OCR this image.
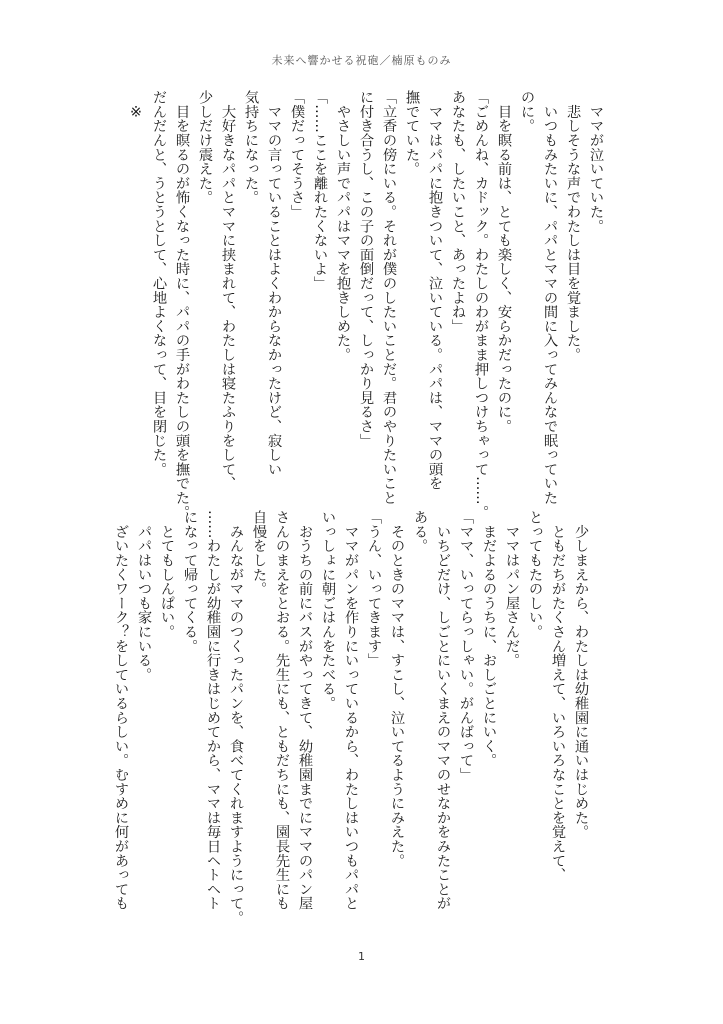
未来へ響かせる祝砲／楠原ものみ
　ママが泣いていた。
　悲しそうな声でわたしは目を覚ました。
　いつもみたいに、パパとママの間に入ってみんなで眠っていた
のに。
　目を瞑る前は、とても楽しく、安らかだったのに。
「ごめんね、カドック。わたしのわがまま押しつけちゃって……。
あなたも、したいこと、あったよね」
　ママはパパに抱きついて、泣いている。パパは、ママの頭を
撫でていた。
「立香の傍にいる。それが僕のしたいことだ。君のやりたいこと
に付き合うし、この子の面倒だって、しっかり見るさ」
　やさしい声でパパはママを抱きしめた。
「……ここを離れたくないよ」
「僕だってそうさ」
　ママの言っていることはよくわからなかったけど、寂しい
気持ちになった。
　大好きなパパとママに挟まれて、わたしは寝たふりをして、
少しだけ震えた。
　目を瞑るのが怖くなった時に、パパの手がわたしの頭を撫でた。
だんだんと、うとうとして、心地よくなって、目を閉じた。
　※
　少しまえから、わたしは幼稚園に通いはじめた。
　ともだちがたくさん増えて、いろいろなことを覚えて、
とってもたのしい。
　ママはパン屋さんだ。
　まだよるのうちに、おしごとにいく。
「ママ、いってらっしゃい。がんばって」
　いちどだけ、しごとにいくまえのママのせなかをみたことが
ある。
　そのときのママは、すこし、泣いてるようにみえた。
「うん、いってきます」
　ママがパンを作りにいっているから、わたしはいつもパパと
いっしょに朝ごはんをたべる。
　おうちの前にバスがやってきて、幼稚園までにママのパン屋
さんのまえをとおる。先生にも、ともだちにも、園長先生にも
自慢をした。
　みんながママのつくったパンを、食べてくれますようにって。
……わたしが幼稚園に行きはじめてから、ママは毎日ヘトヘト
になって帰ってくる。
　とてもしんぱい。
　パパはいつも家にいる。
　ざいたくワーク？をしているらしい。むすめに何があっても
1
